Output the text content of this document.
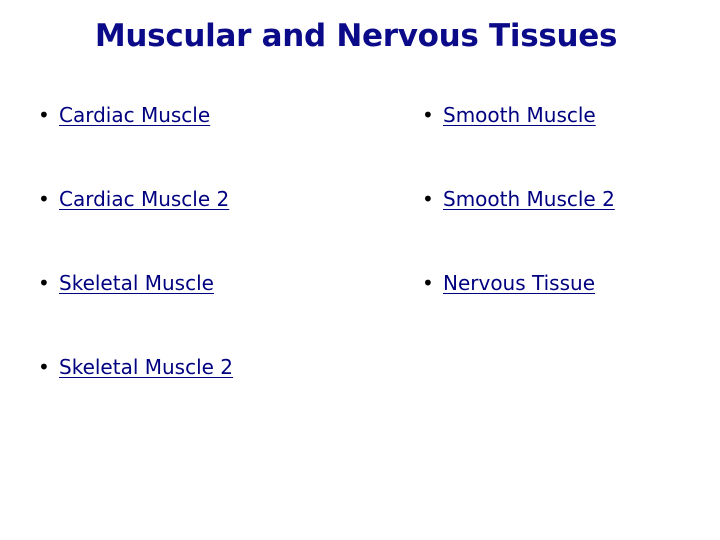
Muscular and Nervous Tissues
• Cardiac Muscle
• Cardiac Muscle 2
• Skeletal Muscle
• Skeletal Muscle 2
• Smooth Muscle
• Smooth Muscle 2
• Nervous Tissue
